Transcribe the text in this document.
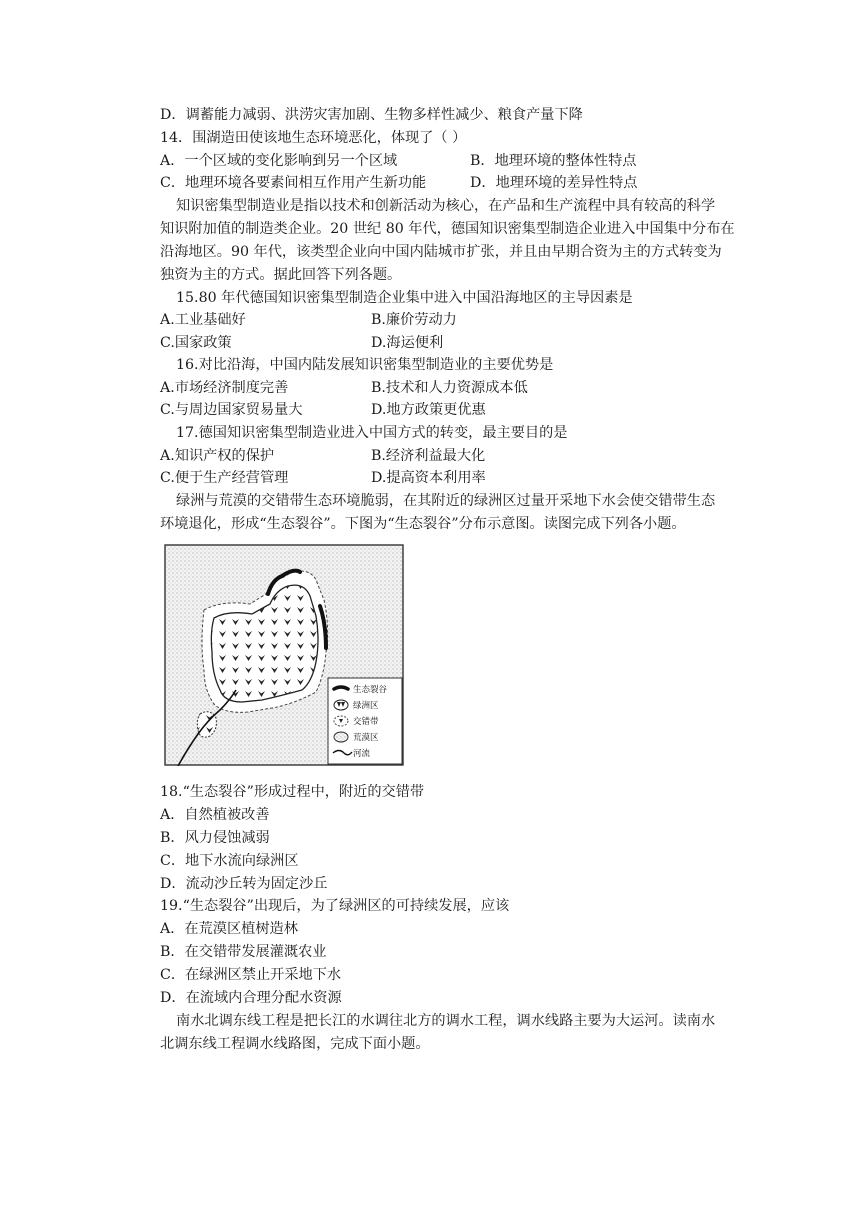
D．调蓄能力减弱、洪涝灾害加剧、生物多样性减少、粮食产量下降
14．围湖造田使该地生态环境恶化，体现了（ ）
A．一个区域的变化影响到另一个区域	B．地理环境的整体性特点
C．地理环境各要素间相互作用产生新功能	D．地理环境的差异性特点
知识密集型制造业是指以技术和创新活动为核心，在产品和生产流程中具有较高的科学
知识附加值的制造类企业。20 世纪 80 年代，德国知识密集型制造企业进入中国集中分布在
沿海地区。90 年代，该类型企业向中国内陆城市扩张，并且由早期合资为主的方式转变为
独资为主的方式。据此回答下列各题。
15.80 年代德国知识密集型制造企业集中进入中国沿海地区的主导因素是
A.工业基础好	B.廉价劳动力
C.国家政策	D.海运便利
16.对比沿海，中国内陆发展知识密集型制造业的主要优势是
A.市场经济制度完善	B.技术和人力资源成本低
C.与周边国家贸易量大	D.地方政策更优惠
17.德国知识密集型制造业进入中国方式的转变，最主要目的是
A.知识产权的保护	B.经济利益最大化
C.便于生产经营管理	D.提高资本利用率
绿洲与荒漠的交错带生态环境脆弱，在其附近的绿洲区过量开采地下水会使交错带生态
环境退化，形成“生态裂谷”。下图为“生态裂谷”分布示意图。读图完成下列各小题。
生态裂谷
绿洲区
交错带
荒漠区
河流
18.“生态裂谷”形成过程中，附近的交错带
A．自然植被改善
B．风力侵蚀减弱
C．地下水流向绿洲区
D．流动沙丘转为固定沙丘
19.“生态裂谷”出现后，为了绿洲区的可持续发展，应该
A．在荒漠区植树造林
B．在交错带发展灌溉农业
C．在绿洲区禁止开采地下水
D．在流域内合理分配水资源
南水北调东线工程是把长江的水调往北方的调水工程，调水线路主要为大运河。读南水
北调东线工程调水线路图，完成下面小题。
